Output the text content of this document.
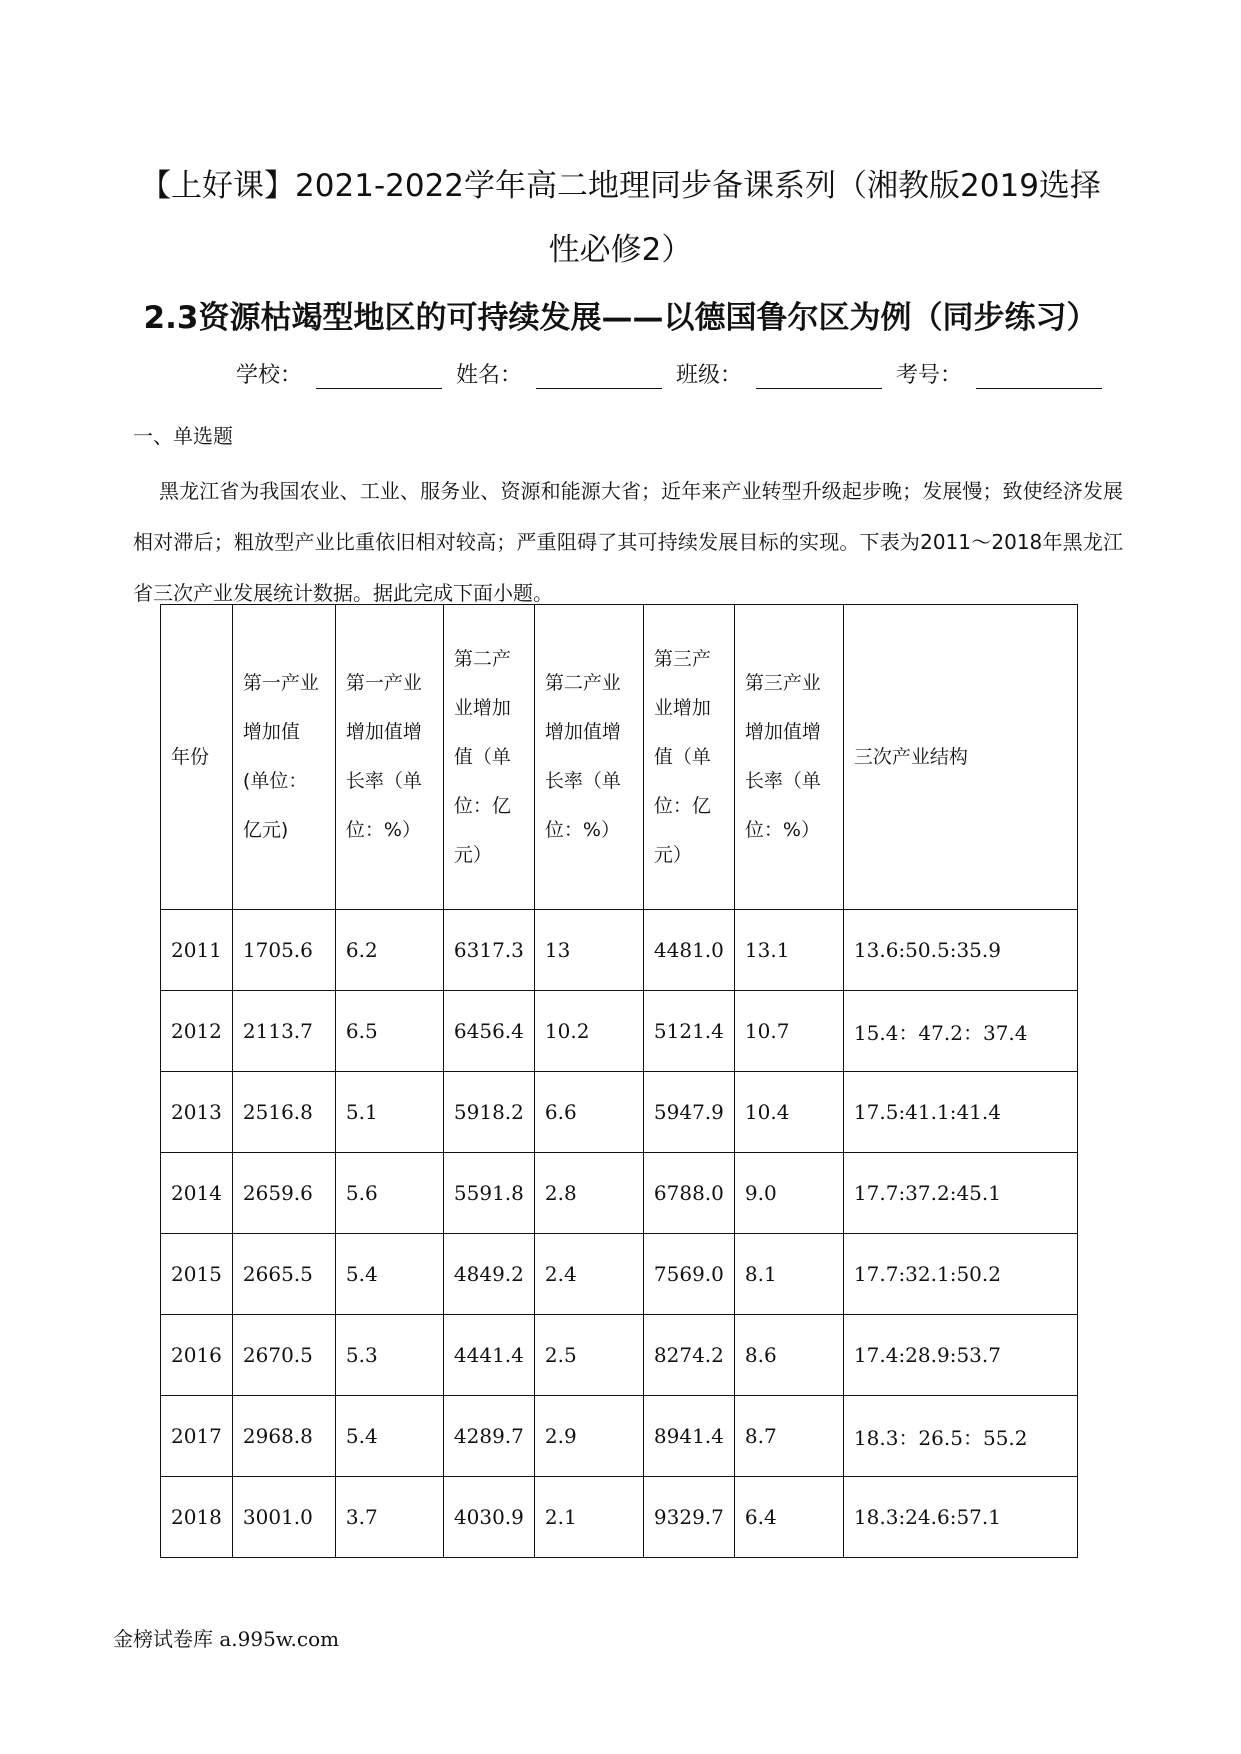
【上好课】2021-2022学年高二地理同步备课系列（湘教版2019选择
性必修2）
2.3资源枯竭型地区的可持续发展——以德国鲁尔区为例（同步练习）
学校：	姓名：	班级：	考号：
一、单选题
黑龙江省为我国农业、工业、服务业、资源和能源大省；近年来产业转型升级起步晚；发展慢；致使经济发展相对滞后；粗放型产业比重依旧相对较高；严重阻碍了其可持续发展目标的实现。下表为2011～2018年黑龙江省三次产业发展统计数据。据此完成下面小题。
年份	第一产业增加值(单位：亿元)	第一产业增加值增长率（单位：%）	第二产业增加值（单位：亿元）	第二产业增加值增长率（单位：%）	第三产业增加值（单位：亿元）	第三产业增加值增长率（单位：%）	三次产业结构
2011	1705.6	6.2	6317.3	13	4481.0	13.1	13.6:50.5:35.9
2012	2113.7	6.5	6456.4	10.2	5121.4	10.7	15.4：47.2：37.4
2013	2516.8	5.1	5918.2	6.6	5947.9	10.4	17.5:41.1:41.4
2014	2659.6	5.6	5591.8	2.8	6788.0	9.0	17.7:37.2:45.1
2015	2665.5	5.4	4849.2	2.4	7569.0	8.1	17.7:32.1:50.2
2016	2670.5	5.3	4441.4	2.5	8274.2	8.6	17.4:28.9:53.7
2017	2968.8	5.4	4289.7	2.9	8941.4	8.7	18.3：26.5：55.2
2018	3001.0	3.7	4030.9	2.1	9329.7	6.4	18.3:24.6:57.1
金榜试卷库 a.995w.com
